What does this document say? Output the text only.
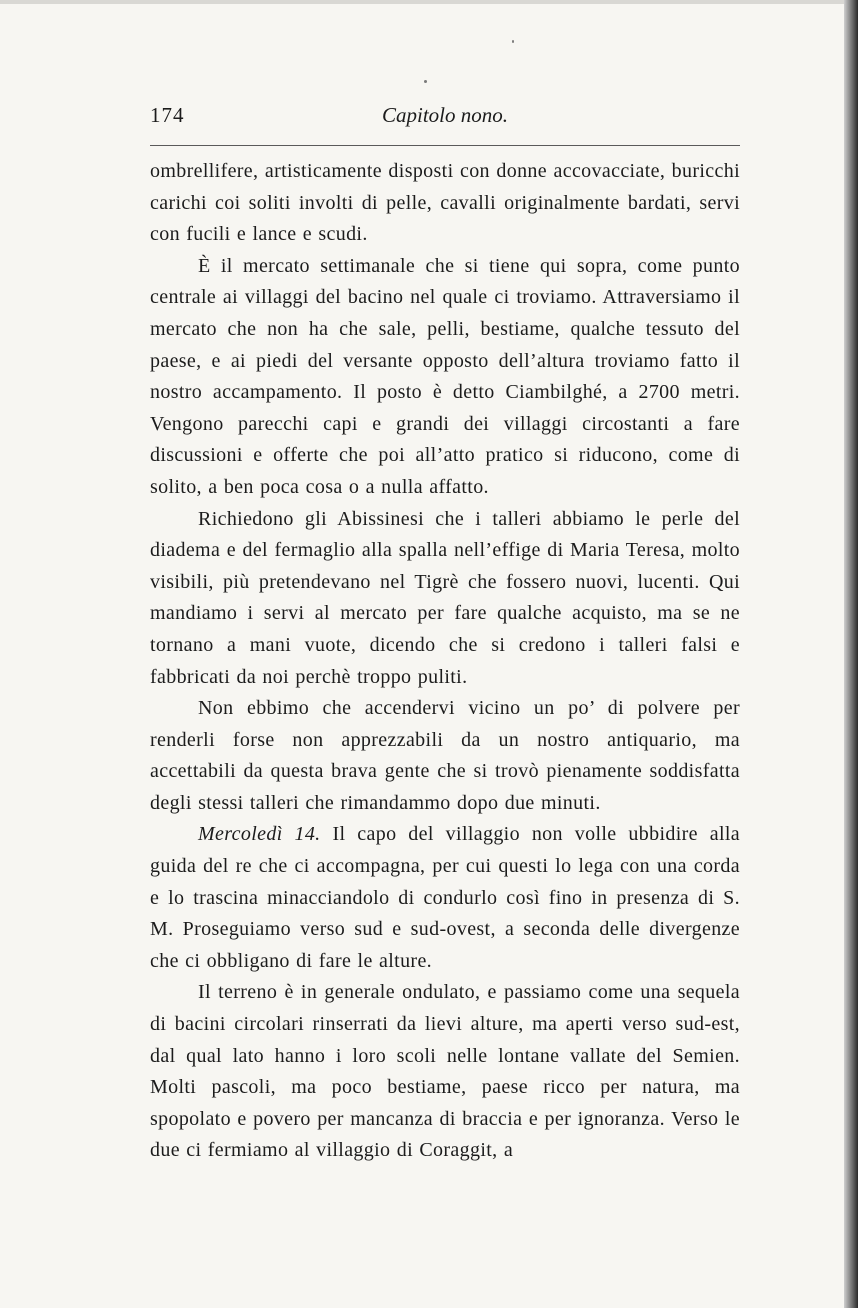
174	Capitolo nono.

ombrellifere, artisticamente disposti con donne accovacciate, buricchi carichi coi soliti involti di pelle, cavalli originalmente bardati, servi con fucili e lance e scudi.

È il mercato settimanale che si tiene qui sopra, come punto centrale ai villaggi del bacino nel quale ci troviamo. Attraversiamo il mercato che non ha che sale, pelli, bestiame, qualche tessuto del paese, e ai piedi del versante opposto dell’altura troviamo fatto il nostro accampamento. Il posto è detto Ciambilghé, a 2700 metri. Vengono parecchi capi e grandi dei villaggi circostanti a fare discussioni e offerte che poi all’atto pratico si riducono, come di solito, a ben poca cosa o a nulla affatto.

Richiedono gli Abissinesi che i talleri abbiamo le perle del diadema e del fermaglio alla spalla nell’effige di Maria Teresa, molto visibili, più pretendevano nel Tigrè che fossero nuovi, lucenti. Qui mandiamo i servi al mercato per fare qualche acquisto, ma se ne tornano a mani vuote, dicendo che si credono i talleri falsi e fabbricati da noi perchè troppo puliti.

Non ebbimo che accendervi vicino un po’ di polvere per renderli forse non apprezzabili da un nostro antiquario, ma accettabili da questa brava gente che si trovò pienamente soddisfatta degli stessi talleri che rimandammo dopo due minuti.

Mercoledì 14. Il capo del villaggio non volle ubbidire alla guida del re che ci accompagna, per cui questi lo lega con una corda e lo trascina minacciandolo di condurlo così fino in presenza di S. M. Proseguiamo verso sud e sud-ovest, a seconda delle divergenze che ci obbligano di fare le alture.

Il terreno è in generale ondulato, e passiamo come una sequela di bacini circolari rinserrati da lievi alture, ma aperti verso sud-est, dal qual lato hanno i loro scoli nelle lontane vallate del Semien. Molti pascoli, ma poco bestiame, paese ricco per natura, ma spopolato e povero per mancanza di braccia e per ignoranza. Verso le due ci fermiamo al villaggio di Coraggit, a
